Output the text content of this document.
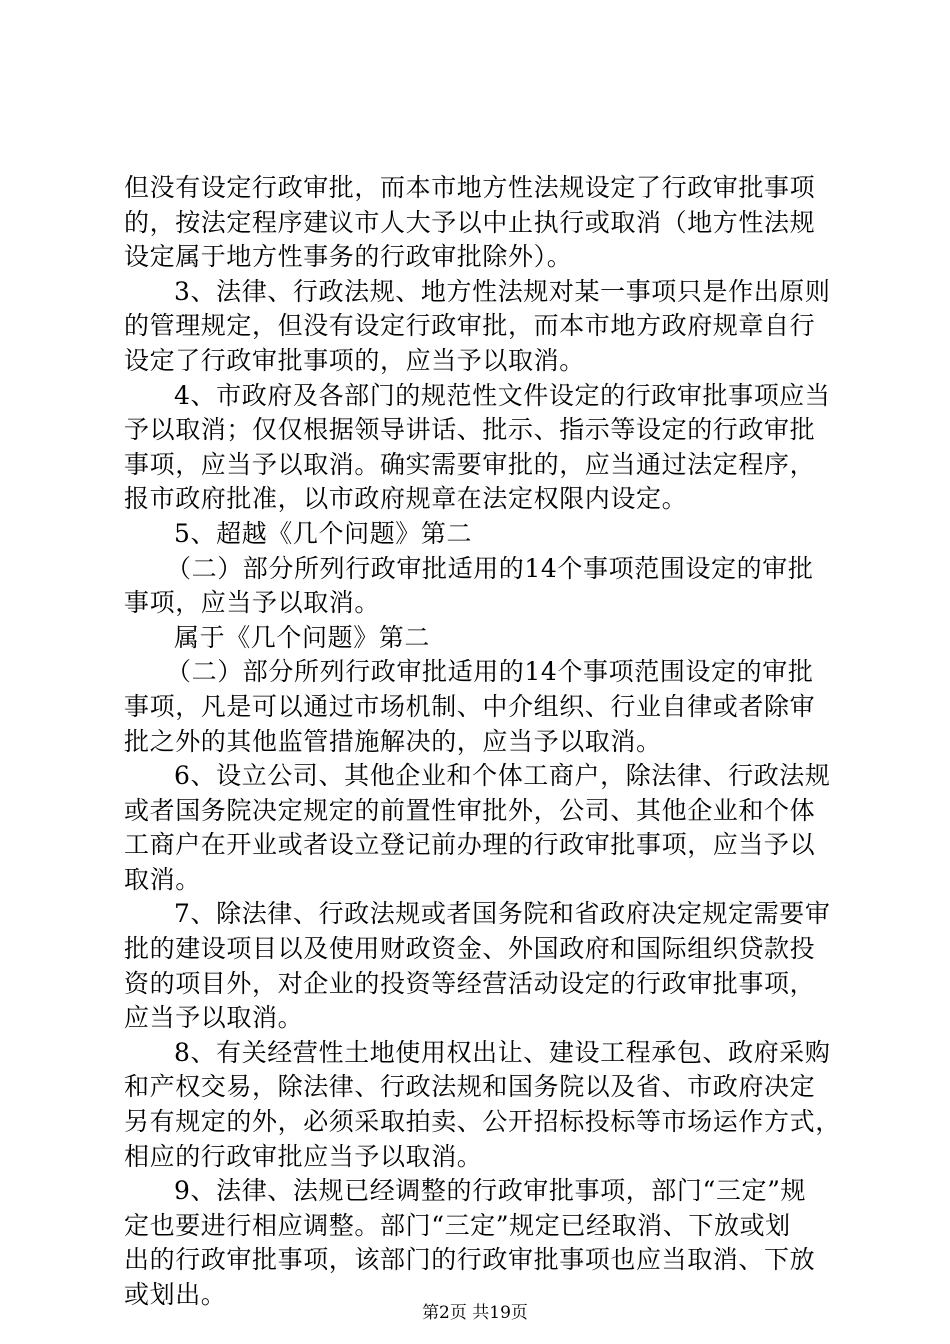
但没有设定行政审批，而本市地方性法规设定了行政审批事项
的，按法定程序建议市人大予以中止执行或取消（地方性法规
设定属于地方性事务的行政审批除外）。
3、法律、行政法规、地方性法规对某一事项只是作出原则
的管理规定，但没有设定行政审批，而本市地方政府规章自行
设定了行政审批事项的，应当予以取消。
4、市政府及各部门的规范性文件设定的行政审批事项应当
予以取消；仅仅根据领导讲话、批示、指示等设定的行政审批
事项，应当予以取消。确实需要审批的，应当通过法定程序，
报市政府批准，以市政府规章在法定权限内设定。
5、超越《几个问题》第二
（二）部分所列行政审批适用的14个事项范围设定的审批
事项，应当予以取消。
属于《几个问题》第二
（二）部分所列行政审批适用的14个事项范围设定的审批
事项，凡是可以通过市场机制、中介组织、行业自律或者除审
批之外的其他监管措施解决的，应当予以取消。
6、设立公司、其他企业和个体工商户，除法律、行政法规
或者国务院决定规定的前置性审批外，公司、其他企业和个体
工商户在开业或者设立登记前办理的行政审批事项，应当予以
取消。
7、除法律、行政法规或者国务院和省政府决定规定需要审
批的建设项目以及使用财政资金、外国政府和国际组织贷款投
资的项目外，对企业的投资等经营活动设定的行政审批事项，
应当予以取消。
8、有关经营性土地使用权出让、建设工程承包、政府采购
和产权交易，除法律、行政法规和国务院以及省、市政府决定
另有规定的外，必须采取拍卖、公开招标投标等市场运作方式，
相应的行政审批应当予以取消。
9、法律、法规已经调整的行政审批事项，部门“三定”规
定也要进行相应调整。部门“三定”规定已经取消、下放或划
出的行政审批事项，该部门的行政审批事项也应当取消、下放
或划出。
第2页 共19页
